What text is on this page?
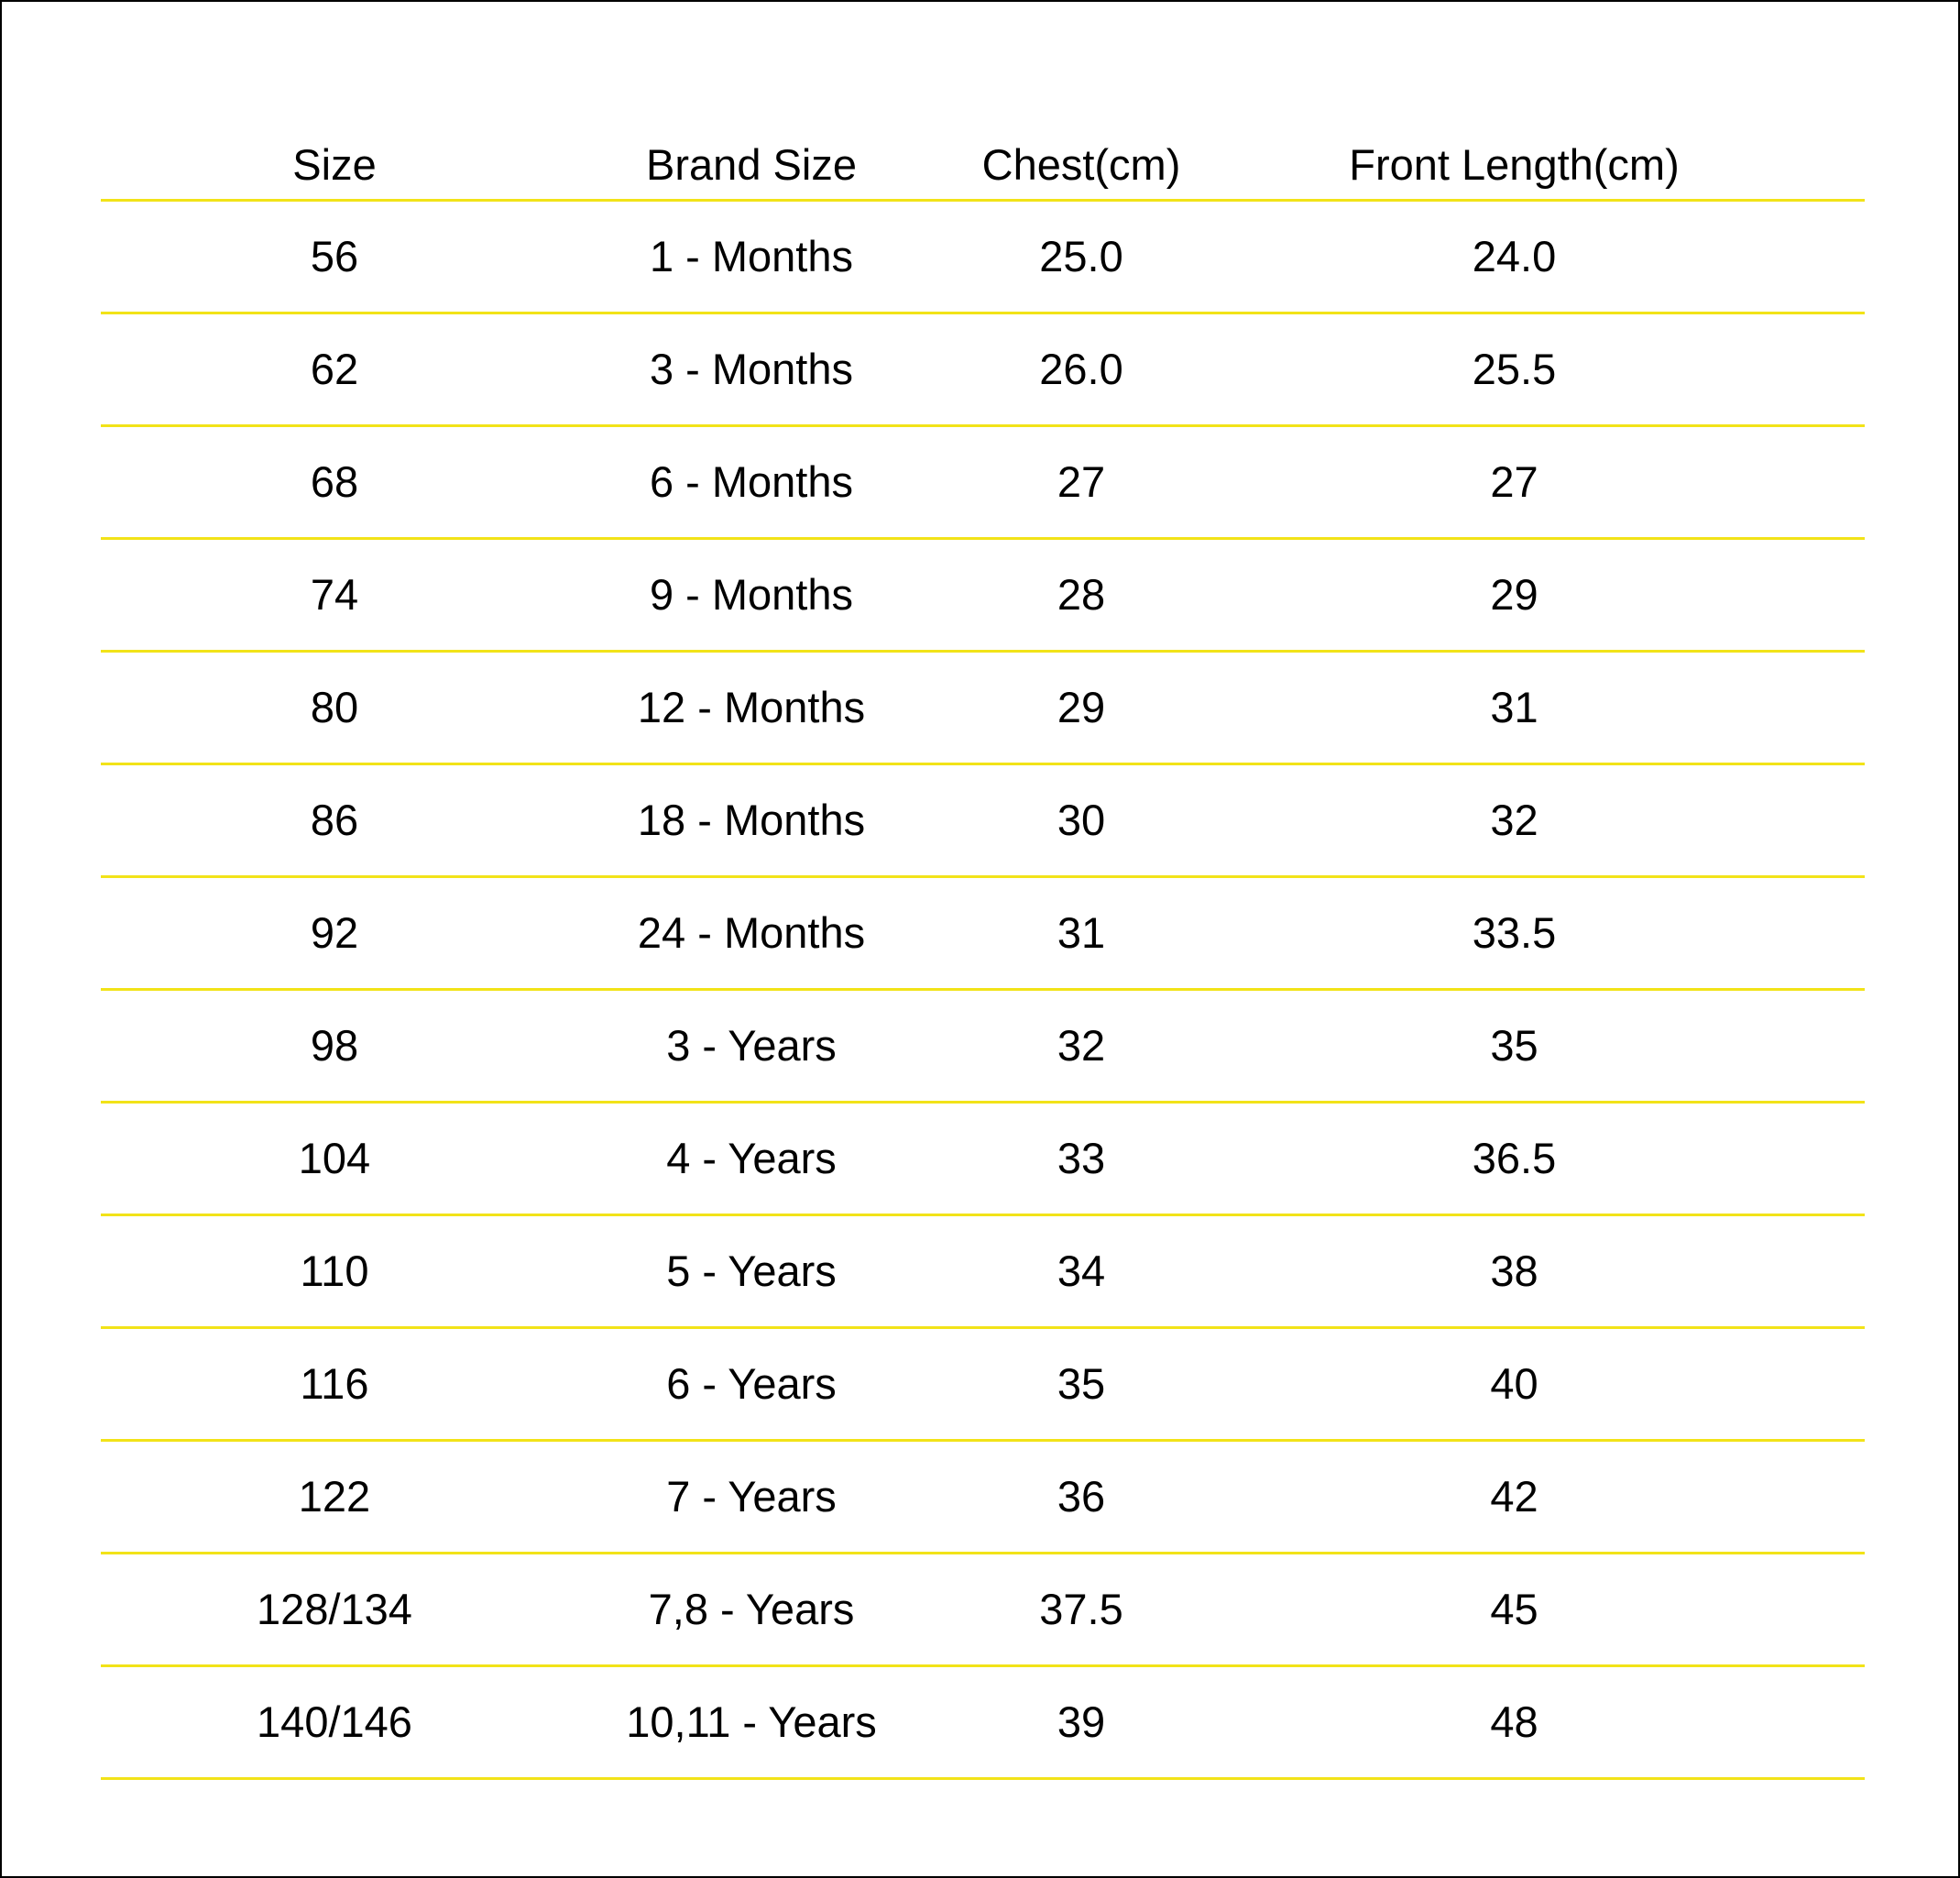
Size	Brand Size	Chest(cm)	Front Length(cm)
56	1 - Months	25.0	24.0
62	3 - Months	26.0	25.5
68	6 - Months	27	27
74	9 - Months	28	29
80	12 - Months	29	31
86	18 - Months	30	32
92	24 - Months	31	33.5
98	3 - Years	32	35
104	4 - Years	33	36.5
110	5 - Years	34	38
116	6 - Years	35	40
122	7 - Years	36	42
128/134	7,8 - Years	37.5	45
140/146	10,11 - Years	39	48
